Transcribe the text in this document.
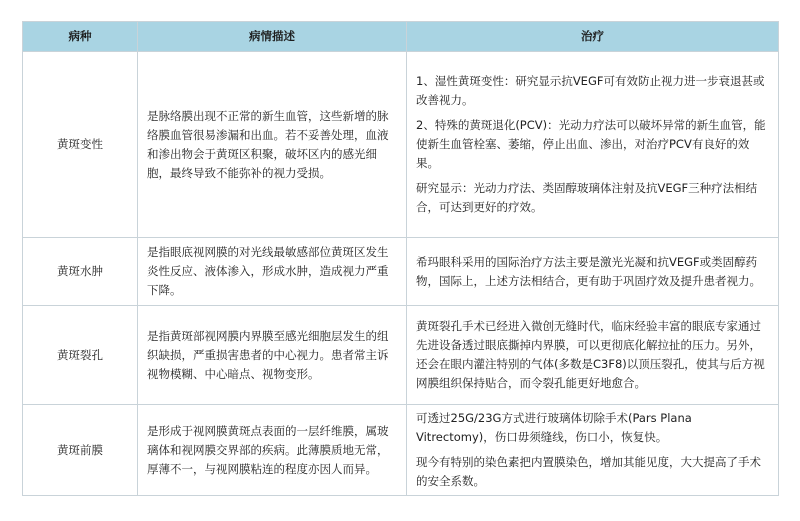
病种	病情描述	治疗
黄斑变性	是脉络膜出现不正常的新生血管，这些新增的脉络膜血管很易渗漏和出血。若不妥善处理，血液和渗出物会于黄斑区积聚，破坏区内的感光细胞，最终导致不能弥补的视力受损。	1、湿性黄斑变性：研究显示抗VEGF可有效防止视力进一步衰退甚或改善视力。

2、特殊的黄斑退化(PCV)：光动力疗法可以破坏异常的新生血管，能使新生血管栓塞、萎缩，停止出血、渗出，对治疗PCV有良好的效果。

研究显示：光动力疗法、类固醇玻璃体注射及抗VEGF三种疗法相结合，可达到更好的疗效。

黄斑水肿	是指眼底视网膜的对光线最敏感部位黄斑区发生炎性反应、液体渗入，形成水肿，造成视力严重下降。	希玛眼科采用的国际治疗方法主要是激光光凝和抗VEGF或类固醇药物，国际上，上述方法相结合，更有助于巩固疗效及提升患者视力。

黄斑裂孔	是指黄斑部视网膜内界膜至感光细胞层发生的组织缺损，严重损害患者的中心视力。患者常主诉视物模糊、中心暗点、视物变形。	黄斑裂孔手术已经进入微创无缝时代，临床经验丰富的眼底专家通过先进设备透过眼底撕掉内界膜，可以更彻底化解拉扯的压力。另外，还会在眼内灌注特别的气体(多数是C3F8)以顶压裂孔，使其与后方视网膜组织保持贴合，而令裂孔能更好地愈合。

黄斑前膜	是形成于视网膜黄斑点表面的一层纤维膜，属玻璃体和视网膜交界部的疾病。此薄膜质地无常，厚薄不一，与视网膜粘连的程度亦因人而异。	可透过25G/23G方式进行玻璃体切除手术(Pars Plana Vitrectomy)，伤口毋须缝线，伤口小，恢复快。

现今有特别的染色素把内置膜染色，增加其能见度，大大提高了手术的安全系数。
